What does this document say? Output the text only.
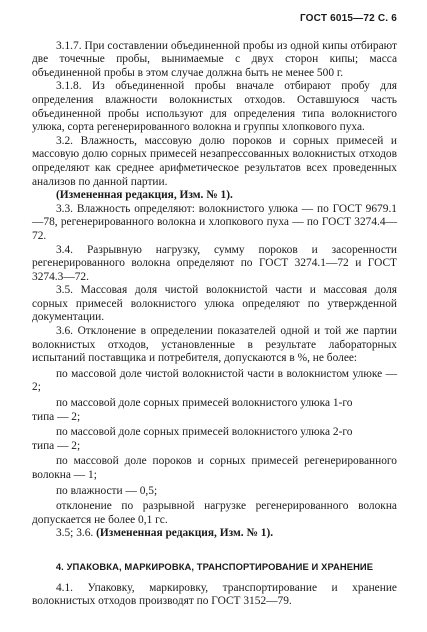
ГОСТ 6015—72 С. 6

3.1.7. При составлении объединенной пробы из одной кипы отбирают две точечные пробы, вынимаемые с двух сторон кипы; масса объединенной пробы в этом случае должна быть не менее 500 г.

3.1.8. Из объединенной пробы вначале отбирают пробу для определения влажности волокнистых отходов. Оставшуюся часть объединенной пробы используют для определения типа волокнистого улюка, сорта регенерированного волокна и группы хлопкового пуха.

3.2. Влажность, массовую долю пороков и сорных примесей и массовую долю сорных примесей незапрессованных волокнистых отходов определяют как среднее арифметическое результатов всех проведенных анализов по данной партии.

(Измененная редакция, Изм. № 1).

3.3. Влажность определяют: волокнистого улюка — по ГОСТ 9679.1—78, регенерированного волокна и хлопкового пуха — по ГОСТ 3274.4—72.

3.4. Разрывную нагрузку, сумму пороков и засоренности регенерированного волокна определяют по ГОСТ 3274.1—72 и ГОСТ 3274.3—72.

3.5. Массовая доля чистой волокнистой части и массовая доля сорных примесей волокнистого улюка определяют по утвержденной документации.

3.6. Отклонение в определении показателей одной и той же партии волокнистых отходов, установленные в результате лабораторных испытаний поставщика и потребителя, допускаются в %, не более:

по массовой доле чистой волокнистой части в волокнистом улюке — 2;

по массовой доле сорных примесей волокнистого улюка 1-го

типа — 2;

по массовой доле сорных примесей волокнистого улюка 2-го

типа — 2;

по массовой доле пороков и сорных примесей регенерированного волокна — 1;

по влажности — 0,5;

отклонение по разрывной нагрузке регенерированного волокна допускается не более 0,1 гс.

3.5; 3.6. (Измененная редакция, Изм. № 1).

4. УПАКОВКА, МАРКИРОВКА, ТРАНСПОРТИРОВАНИЕ И ХРАНЕНИЕ

4.1. Упаковку, маркировку, транспортирование и хранение волокнистых отходов производят по ГОСТ 3152—79.
